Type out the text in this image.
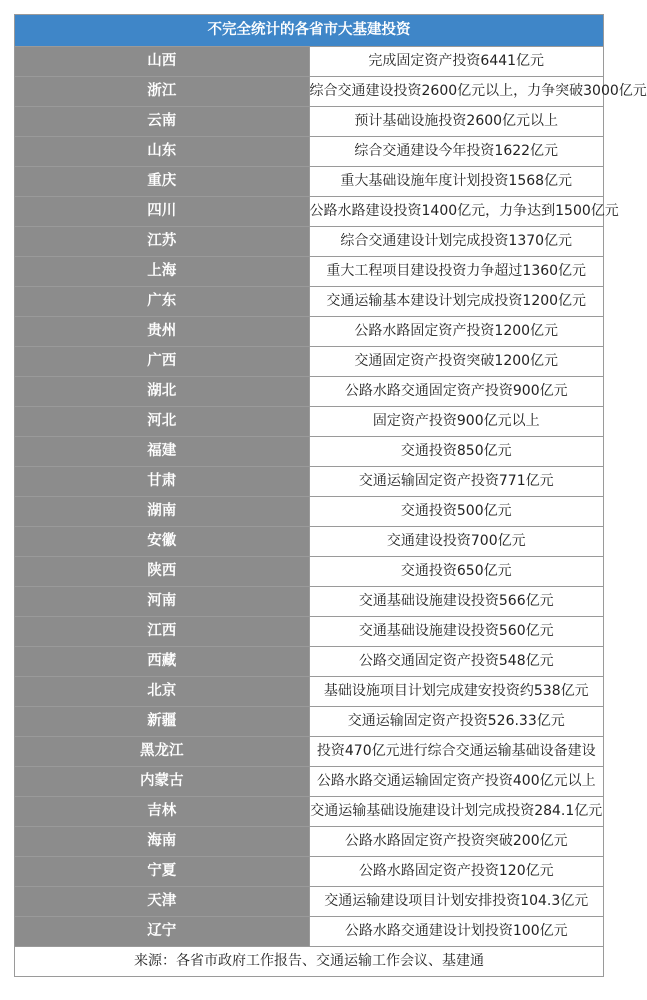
不完全统计的各省市大基建投资	
山西	完成固定资产投资6441亿元
浙江	综合交通建设投资2600亿元以上，力争突破3000亿元
云南	预计基础设施投资2600亿元以上
山东	综合交通建设今年投资1622亿元
重庆	重大基础设施年度计划投资1568亿元
四川	公路水路建设投资1400亿元，力争达到1500亿元
江苏	综合交通建设计划完成投资1370亿元
上海	重大工程项目建设投资力争超过1360亿元
广东	交通运输基本建设计划完成投资1200亿元
贵州	公路水路固定资产投资1200亿元
广西	交通固定资产投资突破1200亿元
湖北	公路水路交通固定资产投资900亿元
河北	固定资产投资900亿元以上
福建	交通投资850亿元
甘肃	交通运输固定资产投资771亿元
湖南	交通投资500亿元
安徽	交通建设投资700亿元
陕西	交通投资650亿元
河南	交通基础设施建设投资566亿元
江西	交通基础设施建设投资560亿元
西藏	公路交通固定资产投资548亿元
北京	基础设施项目计划完成建安投资约538亿元
新疆	交通运输固定资产投资526.33亿元
黑龙江	投资470亿元进行综合交通运输基础设备建设
内蒙古	公路水路交通运输固定资产投资400亿元以上
吉林	交通运输基础设施建设计划完成投资284.1亿元
海南	公路水路固定资产投资突破200亿元
宁夏	公路水路固定资产投资120亿元
天津	交通运输建设项目计划安排投资104.3亿元
辽宁	公路水路交通建设计划投资100亿元
来源：各省市政府工作报告、交通运输工作会议、基建通	
